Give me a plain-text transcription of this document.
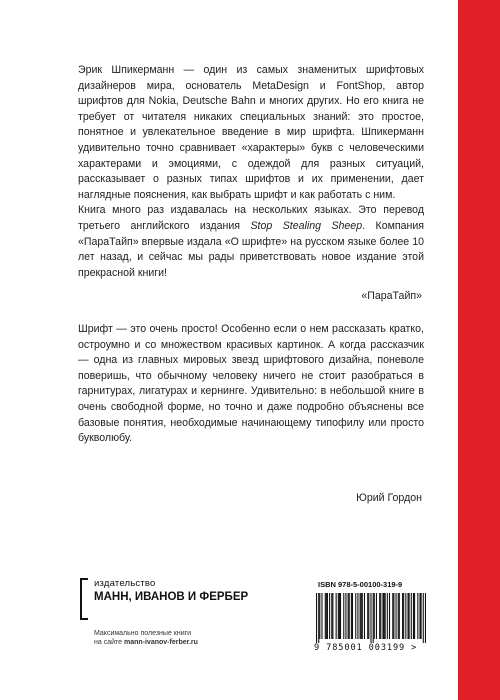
Эрик Шпикерманн — один из самых знаменитых шрифтовых дизайнеров мира, основатель MetaDesign и FontShop, автор шрифтов для Nokia, Deutsche Bahn и многих других. Но его книга не требует от читателя никаких специальных знаний: это простое, понятное и увлекательное введение в мир шрифта. Шпикерманн удивительно точно сравнивает «характеры» букв с человеческими характерами и эмоциями, с одеждой для разных ситуаций, рассказывает о разных типах шрифтов и их применении, дает наглядные пояснения, как выбрать шрифт и как работать с ним.

Книга много раз издавалась на нескольких языках. Это перевод третьего английского издания Stop Stealing Sheep. Компания «ПараТайп» впервые издала «О шрифте» на русском языке более 10 лет назад, и сейчас мы рады приветствовать новое издание этой прекрасной книги!

«ПараТайп»

Шрифт — это очень просто! Особенно если о нем рассказать кратко, остроумно и со множеством красивых картинок. А когда рассказчик — одна из главных мировых звезд шрифтового дизайна, поневоле поверишь, что обычному человеку ничего не стоит разобраться в гарнитурах, лигатурах и кернинге. Удивительно: в небольшой книге в очень свободной форме, но точно и даже подробно объяснены все базовые понятия, необходимые начинающему типофилу или просто букволюбу.

Юрий Гордон
издательство
МАНН, ИВАНОВ И ФЕРБЕР
Максимально полезные книги
на сайте mann-ivanov-ferber.ru
ISBN 978-5-00100-319-9
9 785001 003199 >
